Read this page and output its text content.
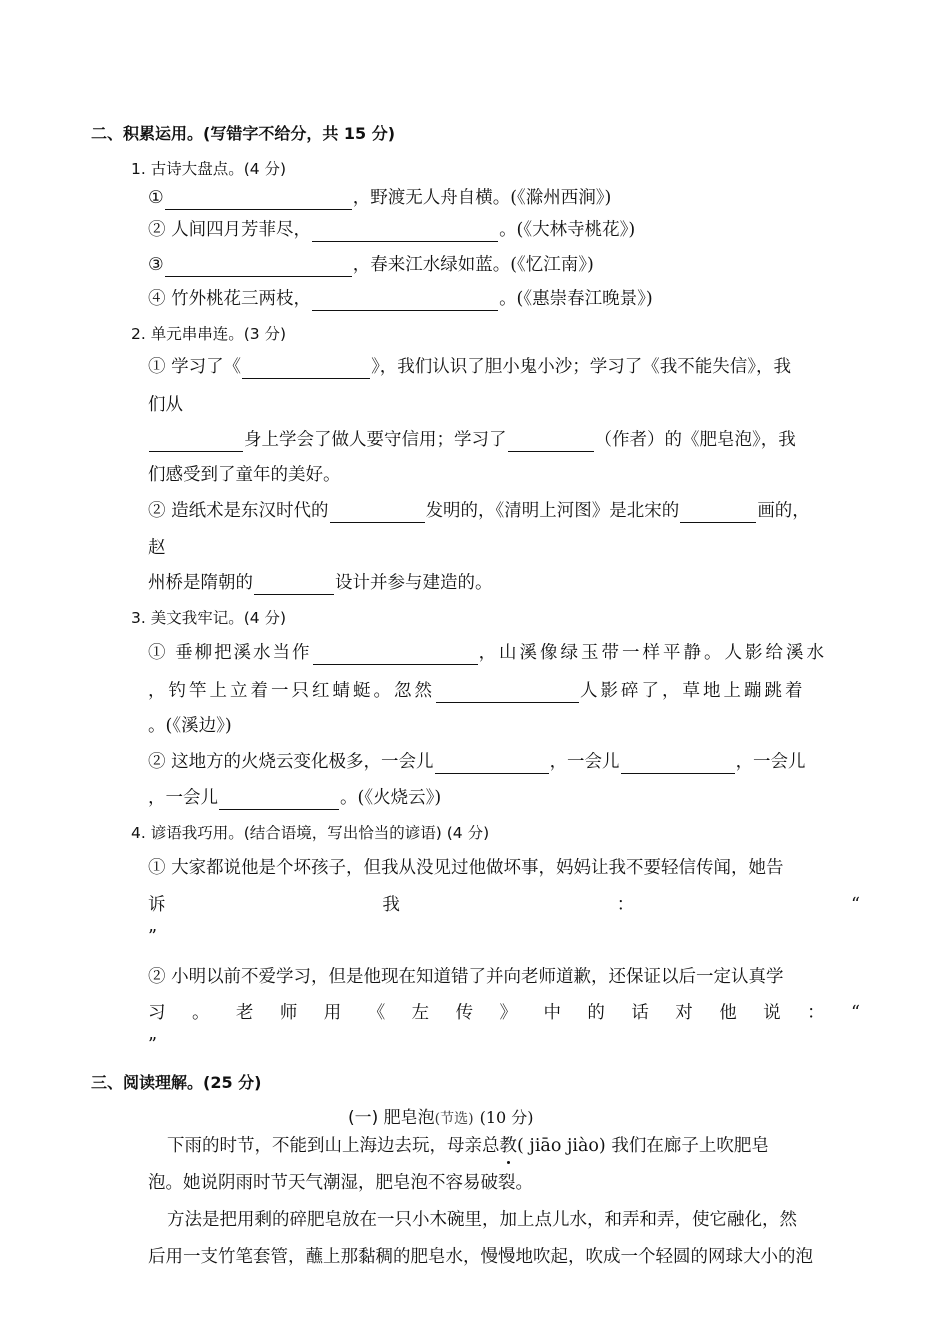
二、积累运用。(写错字不给分，共 15 分)
1. 古诗大盘点。(4 分)
①	，野渡无人舟自横。(《滁州西涧》)
② 人间四月芳菲尽，	。(《大林寺桃花》)
③	，春来江水绿如蓝。(《忆江南》)
④ 竹外桃花三两枝，	。(《惠崇春江晚景》)
2. 单元串串连。(3 分)
① 学习了《	》，我们认识了胆小鬼小沙；学习了《我不能失信》，我
们从
身上学会了做人要守信用；学习了	（作者）的《肥皂泡》，我
们感受到了童年的美好。
② 造纸术是东汉时代的	发明的，《清明上河图》是北宋的	画的，
赵
州桥是隋朝的	设计并参与建造的。
3. 美文我牢记。(4 分)
① 垂柳把溪水当作	，山溪像绿玉带一样平静。人影给溪水
，钓竿上立着一只红蜻蜓。忽然	人影碎了，草地上蹦跳着
。(《溪边》)
② 这地方的火烧云变化极多，一会儿	，一会儿	，一会儿
，一会儿	。(《火烧云》)
4. 谚语我巧用。(结合语境，写出恰当的谚语) (4 分)
① 大家都说他是个坏孩子，但我从没见过他做坏事，妈妈让我不要轻信传闻，她告
诉	我	：	“
”
② 小明以前不爱学习，但是他现在知道错了并向老师道歉，还保证以后一定认真学
习 。 老 师 用 《 左 传 》 中 的 话 对 他 说 ： “
”
三、阅读理解。(25 分)
(一) 肥皂泡(节选) (10 分)
下雨的时节，不能到山上海边去玩，母亲总教( jiāo jiào) 我们在廊子上吹肥皂
泡。她说阴雨时节天气潮湿，肥皂泡不容易破裂。
方法是把用剩的碎肥皂放在一只小木碗里，加上点儿水，和弄和弄，使它融化，然
后用一支竹笔套管，蘸上那黏稠的肥皂水，慢慢地吹起，吹成一个轻圆的网球大小的泡
